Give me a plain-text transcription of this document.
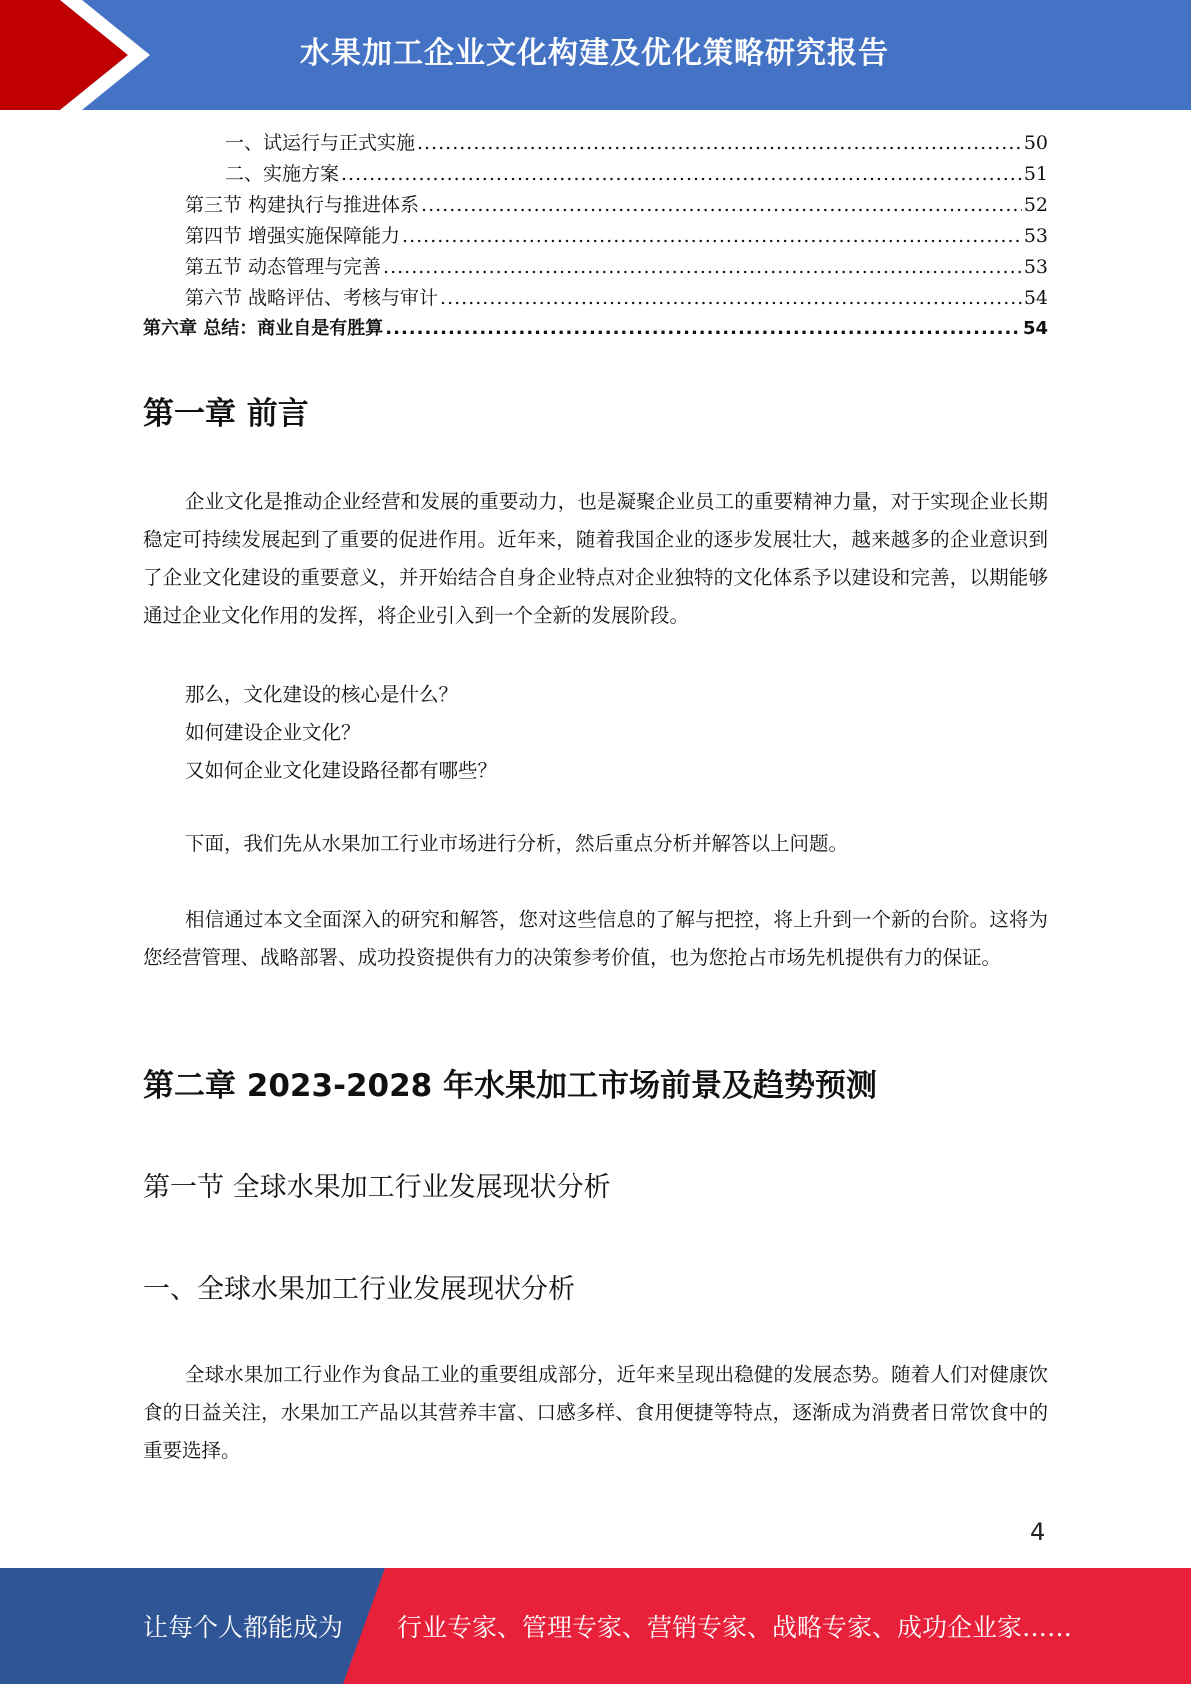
水果加工企业文化构建及优化策略研究报告
一、试运行与正式实施 .....	50
二、实施方案 .....	51
第三节 构建执行与推进体系 .....	52
第四节 增强实施保障能力 .....	53
第五节 动态管理与完善 .....	53
第六节 战略评估、考核与审计 .....	54
第六章 总结：商业自是有胜算 .....	54
第一章 前言

企业文化是推动企业经营和发展的重要动力，也是凝聚企业员工的重要精神力量，对于实现企业长期稳定可持续发展起到了重要的促进作用。近年来，随着我国企业的逐步发展壮大，越来越多的企业意识到了企业文化建设的重要意义，并开始结合自身企业特点对企业独特的文化体系予以建设和完善，以期能够通过企业文化作用的发挥，将企业引入到一个全新的发展阶段。

那么，文化建设的核心是什么？
如何建设企业文化？
又如何企业文化建设路径都有哪些？

下面，我们先从水果加工行业市场进行分析，然后重点分析并解答以上问题。

相信通过本文全面深入的研究和解答，您对这些信息的了解与把控，将上升到一个新的台阶。这将为您经营管理、战略部署、成功投资提供有力的决策参考价值，也为您抢占市场先机提供有力的保证。

第二章 2023-2028 年水果加工市场前景及趋势预测
第一节 全球水果加工行业发展现状分析
一、全球水果加工行业发展现状分析

全球水果加工行业作为食品工业的重要组成部分，近年来呈现出稳健的发展态势。随着人们对健康饮食的日益关注，水果加工产品以其营养丰富、口感多样、食用便捷等特点，逐渐成为消费者日常饮食中的重要选择。

4
让每个人都能成为 行业专家、管理专家、营销专家、战略专家、成功企业家……
